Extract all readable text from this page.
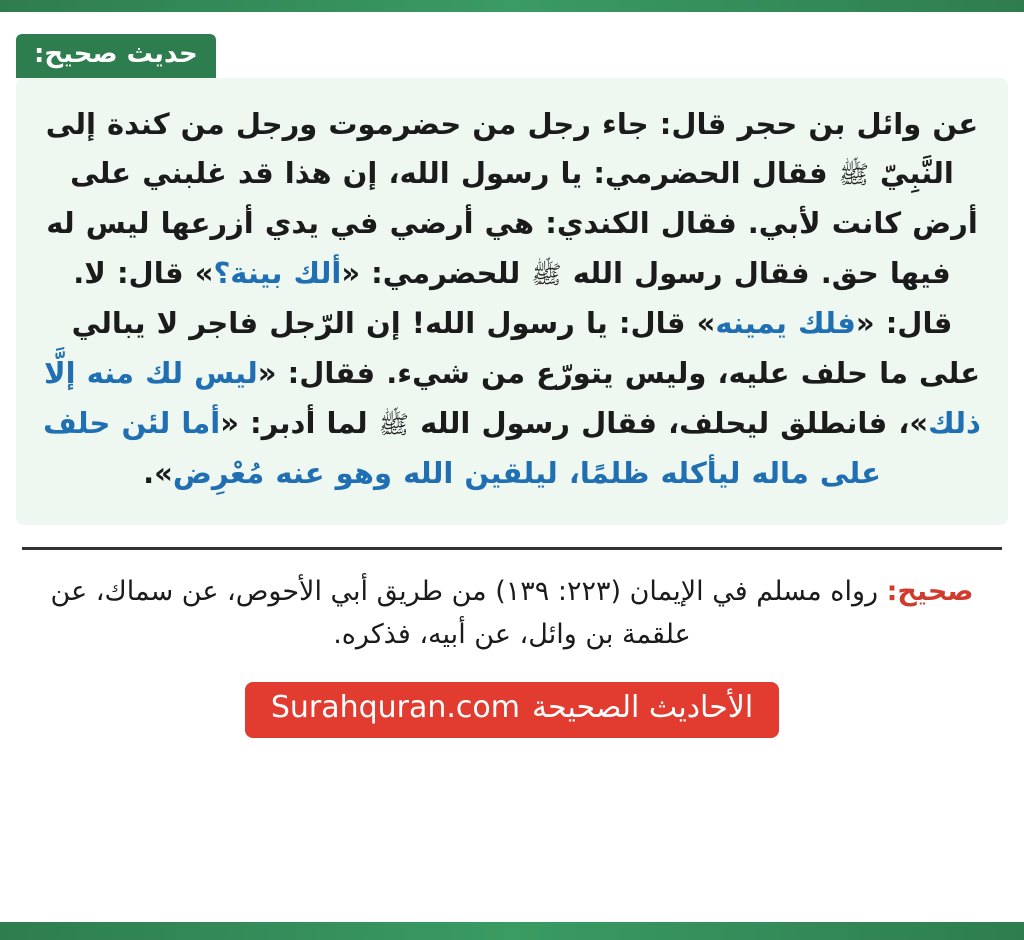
حديث صحيح:
عن وائل بن حجر قال: جاء رجل من حضرموت ورجل من كندة إلى النَّبِيّ ﷺ فقال الحضرمي: يا رسول الله، إن هذا قد غلبني على أرض كانت لأبي. فقال الكندي: هي أرضي في يدي أزرعها ليس له فيها حق. فقال رسول الله ﷺ للحضرمي: «ألك بينة؟» قال: لا. قال: «فلك يمينه» قال: يا رسول الله! إن الرّجل فاجر لا يبالي على ما حلف عليه، وليس يتورّع من شيء. فقال: «ليس لك منه إلَّا ذلك»، فانطلق ليحلف، فقال رسول الله ﷺ لما أدبر: «أما لئن حلف على ماله ليأكله ظلمًا، ليلقين الله وهو عنه مُعْرِض».
صحيح: رواه مسلم في الإيمان (٢٢٣: ١٣٩) من طريق أبي الأحوص، عن سماك، عن علقمة بن وائل، عن أبيه، فذكره.
الأحاديث الصحيحة
Surahquran.com
